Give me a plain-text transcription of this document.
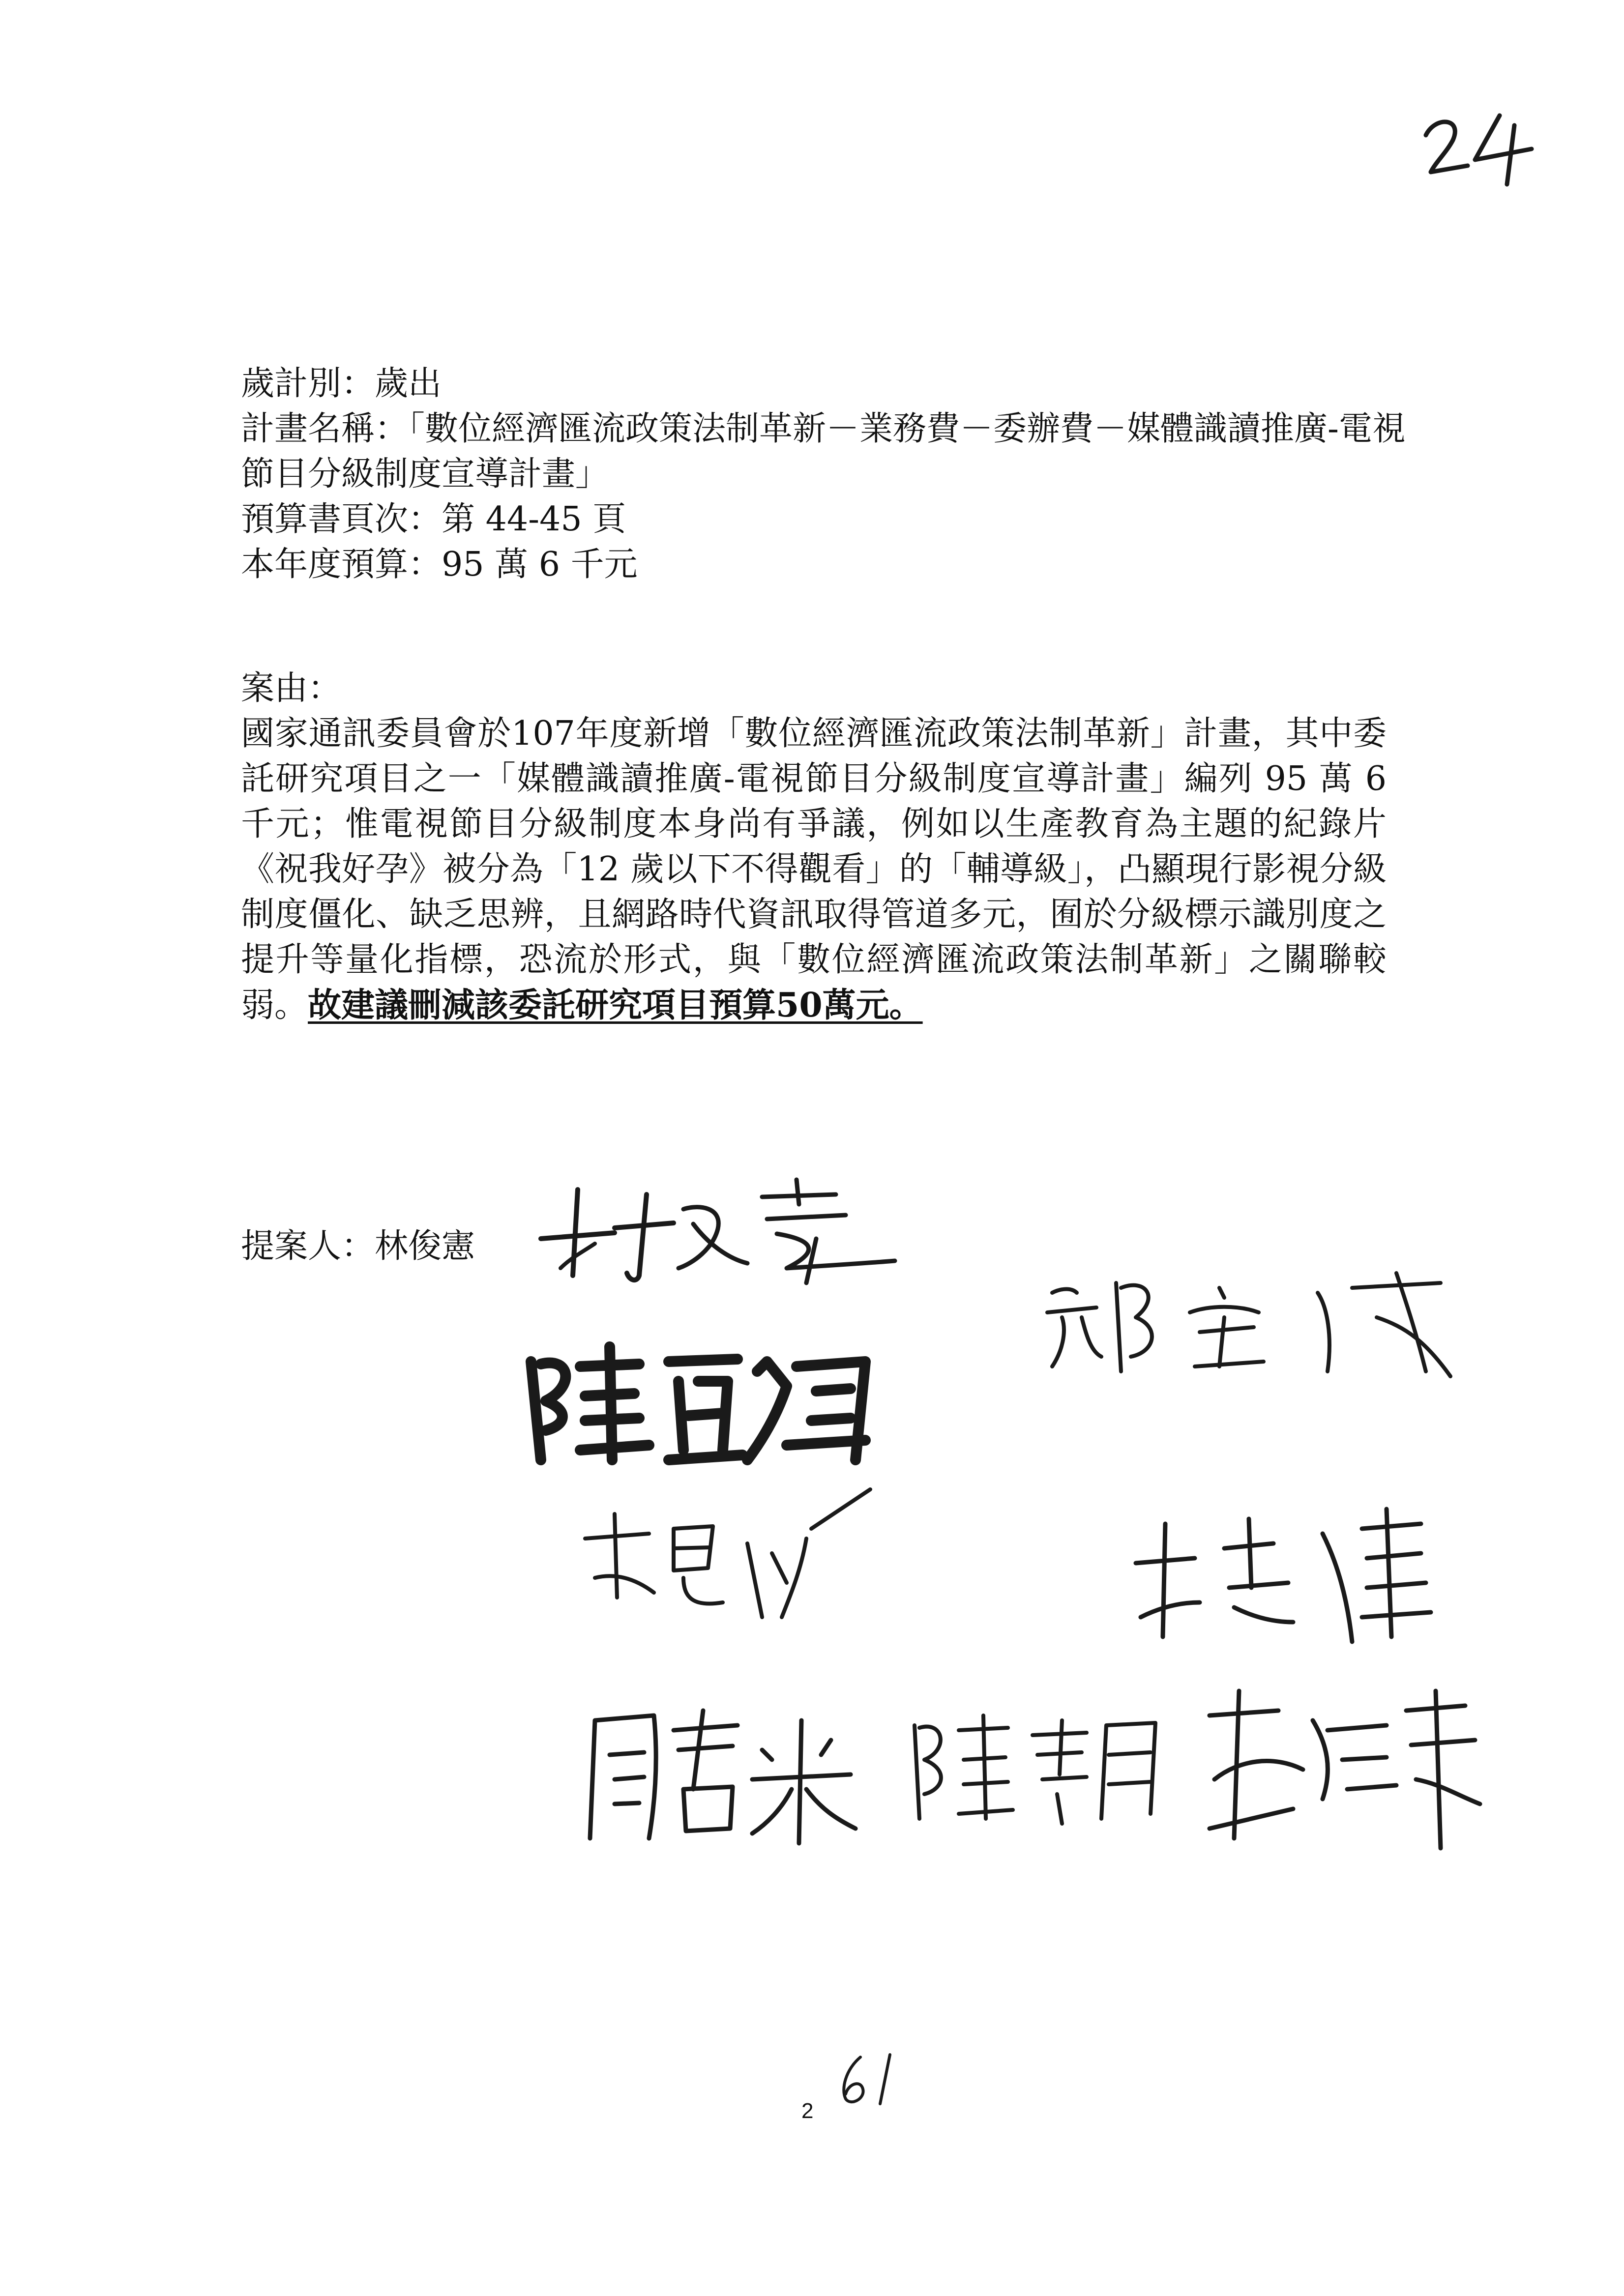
歲計別：歲出
計畫名稱：「數位經濟匯流政策法制革新－業務費－委辦費－媒體識讀推廣-電視節目分級制度宣導計畫」
預算書頁次：第 44-45 頁
本年度預算：95 萬 6 千元
案由：
國家通訊委員會於107年度新增「數位經濟匯流政策法制革新」計畫，其中委託研究項目之一「媒體識讀推廣-電視節目分級制度宣導計畫」編列 95 萬 6 千元；惟電視節目分級制度本身尚有爭議，例如以生產教育為主題的紀錄片《祝我好孕》被分為「12 歲以下不得觀看」的「輔導級」，凸顯現行影視分級制度僵化、缺乏思辨，且網路時代資訊取得管道多元，囿於分級標示識別度之提升等量化指標，恐流於形式，與「數位經濟匯流政策法制革新」之關聯較弱。故建議刪減該委託研究項目預算50萬元。
提案人：林俊憲
2
